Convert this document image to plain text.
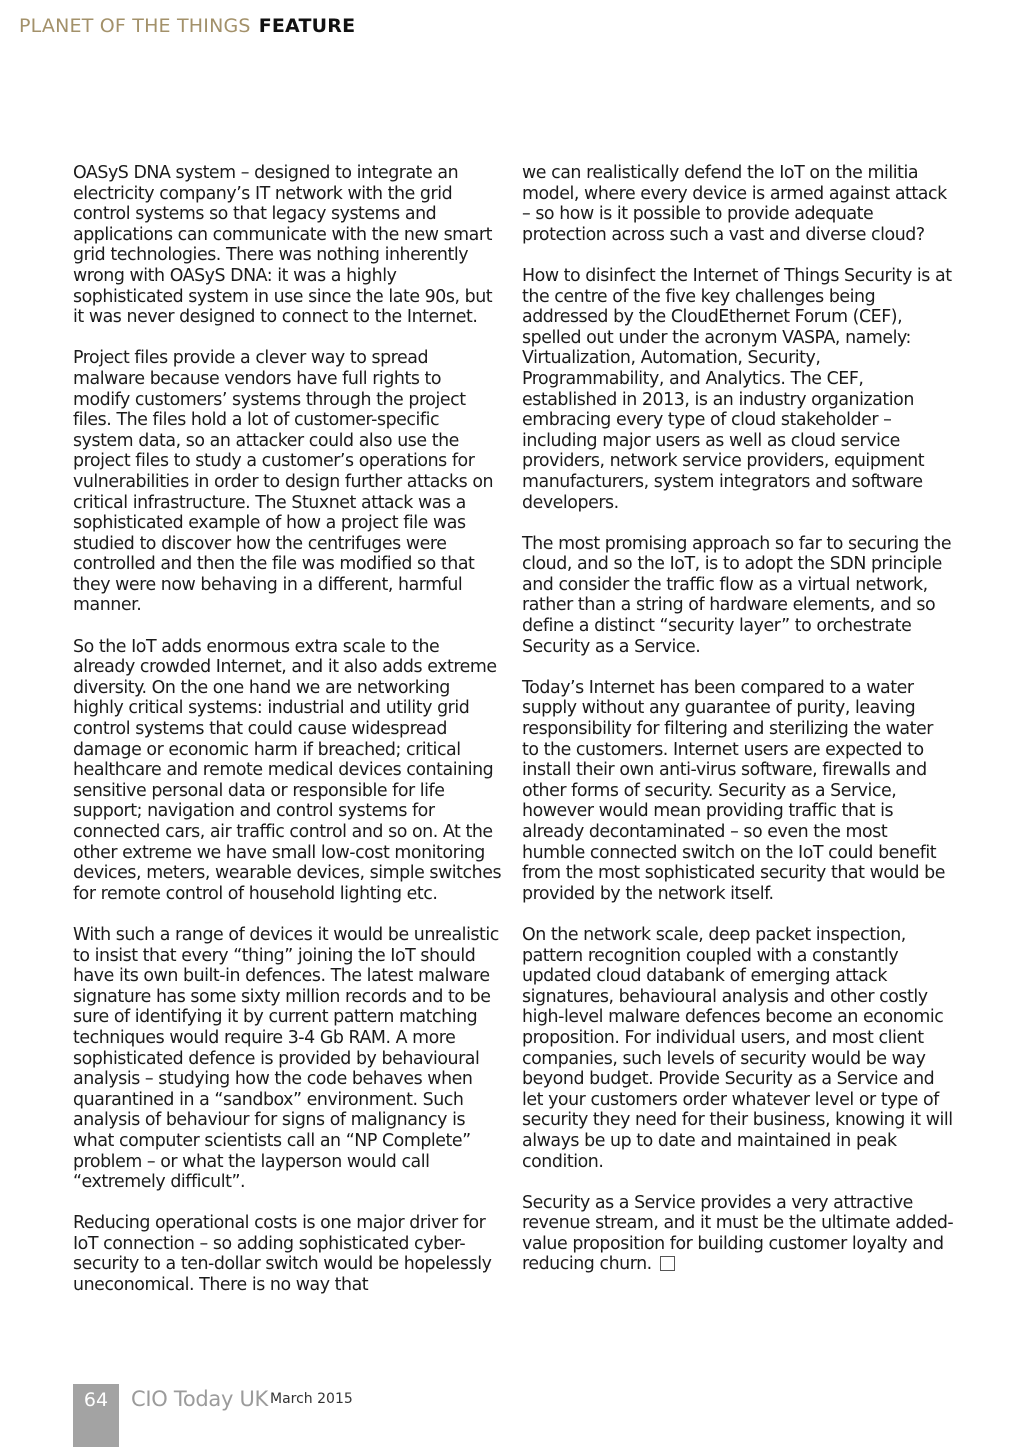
PLANET OF THE THINGS FEATURE

OASyS DNA system – designed to integrate an electricity company’s IT network with the grid control systems so that legacy systems and applications can communicate with the new smart grid technologies. There was nothing inherently wrong with OASyS DNA: it was a highly sophisticated system in use since the late 90s, but it was never designed to connect to the Internet.

Project files provide a clever way to spread malware because vendors have full rights to modify customers’ systems through the project files. The files hold a lot of customer-specific system data, so an attacker could also use the project files to study a customer’s operations for vulnerabilities in order to design further attacks on critical infrastructure. The Stuxnet attack was a sophisticated example of how a project file was studied to discover how the centrifuges were controlled and then the file was modified so that they were now behaving in a different, harmful manner.

So the IoT adds enormous extra scale to the already crowded Internet, and it also adds extreme diversity. On the one hand we are networking highly critical systems: industrial and utility grid control systems that could cause widespread damage or economic harm if breached; critical healthcare and remote medical devices containing sensitive personal data or responsible for life support; navigation and control systems for connected cars, air traffic control and so on. At the other extreme we have small low-cost monitoring devices, meters, wearable devices, simple switches for remote control of household lighting etc.

With such a range of devices it would be unrealistic to insist that every “thing” joining the IoT should have its own built-in defences. The latest malware signature has some sixty million records and to be sure of identifying it by current pattern matching techniques would require 3-4 Gb RAM. A more sophisticated defence is provided by behavioural analysis – studying how the code behaves when quarantined in a “sandbox” environment. Such analysis of behaviour for signs of malignancy is what computer scientists call an “NP Complete” problem – or what the layperson would call “extremely difficult”.

Reducing operational costs is one major driver for IoT connection – so adding sophisticated cyber-security to a ten-dollar switch would be hopelessly uneconomical. There is no way that

we can realistically defend the IoT on the militia model, where every device is armed against attack – so how is it possible to provide adequate protection across such a vast and diverse cloud?

How to disinfect the Internet of Things Security is at the centre of the five key challenges being addressed by the CloudEthernet Forum (CEF), spelled out under the acronym VASPA, namely: Virtualization, Automation, Security, Programmability, and Analytics. The CEF, established in 2013, is an industry organization embracing every type of cloud stakeholder – including major users as well as cloud service providers, network service providers, equipment manufacturers, system integrators and software developers.

The most promising approach so far to securing the cloud, and so the IoT, is to adopt the SDN principle and consider the traffic flow as a virtual network, rather than a string of hardware elements, and so define a distinct “security layer” to orchestrate Security as a Service.

Today’s Internet has been compared to a water supply without any guarantee of purity, leaving responsibility for filtering and sterilizing the water to the customers. Internet users are expected to install their own anti-virus software, firewalls and other forms of security. Security as a Service, however would mean providing traffic that is already decontaminated – so even the most humble connected switch on the IoT could benefit from the most sophisticated security that would be provided by the network itself.

On the network scale, deep packet inspection, pattern recognition coupled with a constantly updated cloud databank of emerging attack signatures, behavioural analysis and other costly high-level malware defences become an economic proposition. For individual users, and most client companies, such levels of security would be way beyond budget. Provide Security as a Service and let your customers order whatever level or type of security they need for their business, knowing it will always be up to date and maintained in peak condition.

Security as a Service provides a very attractive revenue stream, and it must be the ultimate added-value proposition for building customer loyalty and reducing churn.

64	CIO Today UK March 2015
